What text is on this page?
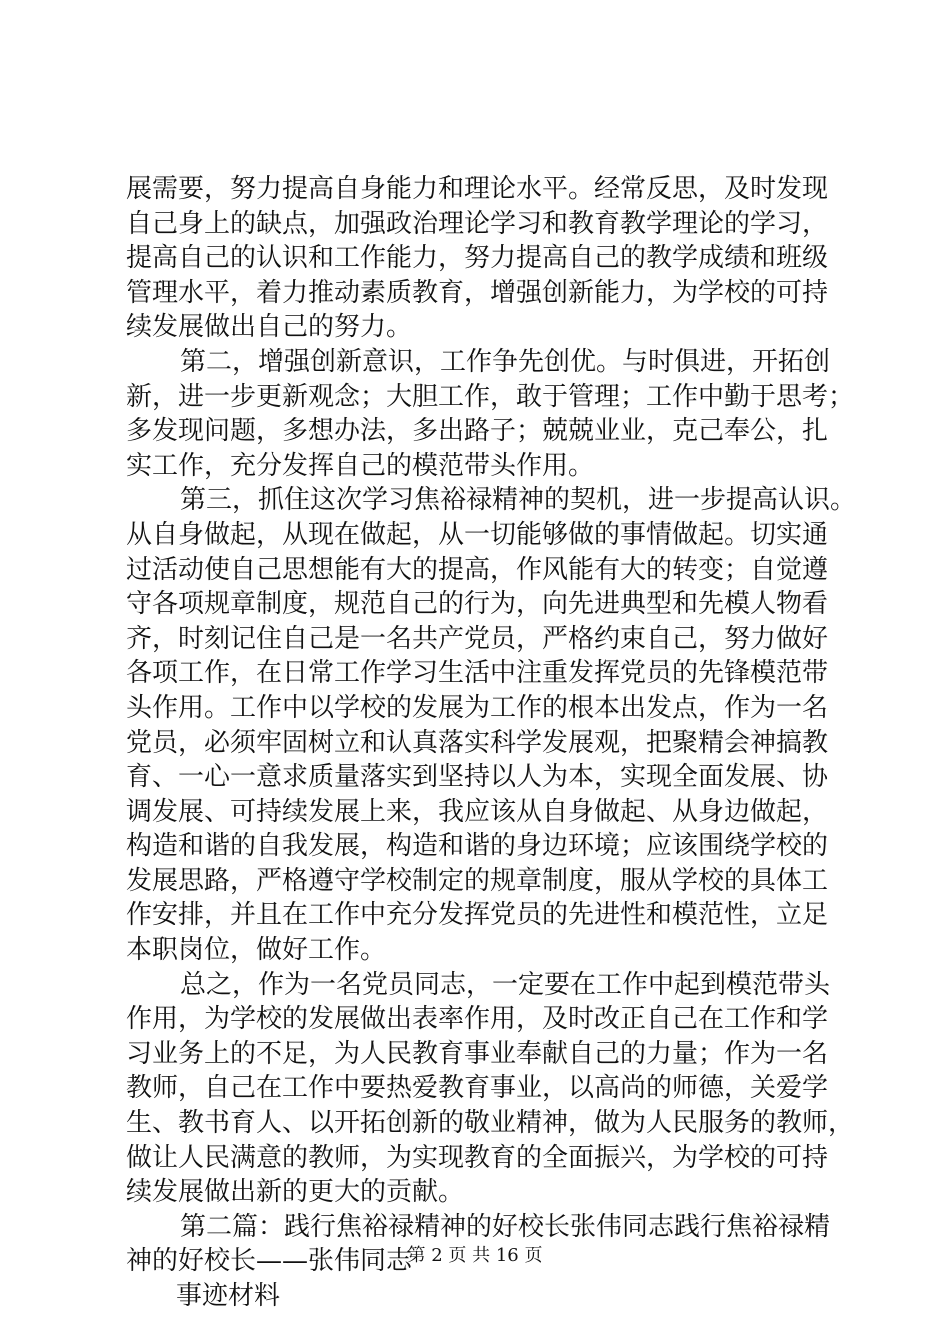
展需要，努力提高自身能力和理论水平。经常反思，及时发现
自己身上的缺点，加强政治理论学习和教育教学理论的学习，
提高自己的认识和工作能力，努力提高自己的教学成绩和班级
管理水平，着力推动素质教育，增强创新能力，为学校的可持
续发展做出自己的努力。
第二，增强创新意识，工作争先创优。与时俱进，开拓创
新，进一步更新观念；大胆工作，敢于管理；工作中勤于思考；
多发现问题，多想办法，多出路子；兢兢业业，克己奉公，扎
实工作，充分发挥自己的模范带头作用。
第三，抓住这次学习焦裕禄精神的契机，进一步提高认识。
从自身做起，从现在做起，从一切能够做的事情做起。切实通
过活动使自己思想能有大的提高，作风能有大的转变；自觉遵
守各项规章制度，规范自己的行为，向先进典型和先模人物看
齐，时刻记住自己是一名共产党员，严格约束自己，努力做好
各项工作，在日常工作学习生活中注重发挥党员的先锋模范带
头作用。工作中以学校的发展为工作的根本出发点，作为一名
党员，必须牢固树立和认真落实科学发展观，把聚精会神搞教
育、一心一意求质量落实到坚持以人为本，实现全面发展、协
调发展、可持续发展上来，我应该从自身做起、从身边做起，
构造和谐的自我发展，构造和谐的身边环境；应该围绕学校的
发展思路，严格遵守学校制定的规章制度，服从学校的具体工
作安排，并且在工作中充分发挥党员的先进性和模范性，立足
本职岗位，做好工作。
总之，作为一名党员同志，一定要在工作中起到模范带头
作用，为学校的发展做出表率作用，及时改正自己在工作和学
习业务上的不足，为人民教育事业奉献自己的力量；作为一名
教师，自己在工作中要热爱教育事业，以高尚的师德，关爱学
生、教书育人、以开拓创新的敬业精神，做为人民服务的教师，
做让人民满意的教师，为实现教育的全面振兴，为学校的可持
续发展做出新的更大的贡献。
第二篇：践行焦裕禄精神的好校长张伟同志践行焦裕禄精
神的好校长——张伟同志
事迹材料
第 2 页 共 16 页
